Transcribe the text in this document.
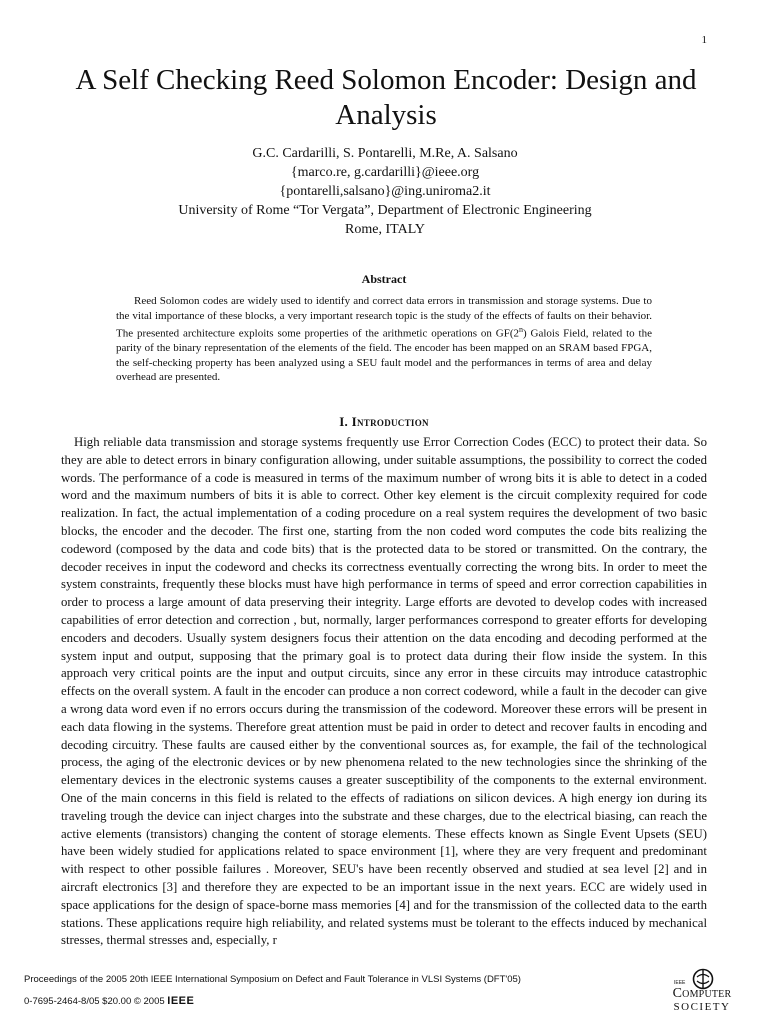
1
A Self Checking Reed Solomon Encoder: Design and Analysis
G.C. Cardarilli, S. Pontarelli, M.Re, A. Salsano
{marco.re, g.cardarilli}@ieee.org
{pontarelli,salsano}@ing.uniroma2.it
University of Rome “Tor Vergata”, Department of Electronic Engineering
Rome, ITALY
Abstract

Reed Solomon codes are widely used to identify and correct data errors in transmission and storage systems. Due to the vital importance of these blocks, a very important research topic is the study of the effects of faults on their behavior. The presented architecture exploits some properties of the arithmetic operations on GF(2$^n$) Galois Field, related to the parity of the binary representation of the elements of the field. The encoder has been mapped on an SRAM based FPGA, the self-checking property has been analyzed using a SEU fault model and the performances in terms of area and delay overhead are presented.

I. Introduction

High reliable data transmission and storage systems frequently use Error Correction Codes (ECC) to protect their data. So they are able to detect errors in binary configuration allowing, under suitable assumptions, the possibility to correct the coded words. The performance of a code is measured in terms of the maximum number of wrong bits it is able to detect in a coded word and the maximum numbers of bits it is able to correct. Other key element is the circuit complexity required for code realization. In fact, the actual implementation of a coding procedure on a real system requires the development of two basic blocks, the encoder and the decoder. The first one, starting from the non coded word computes the code bits realizing the codeword (composed by the data and code bits) that is the protected data to be stored or transmitted. On the contrary, the decoder receives in input the codeword and checks its correctness eventually correcting the wrong bits. In order to meet the system constraints, frequently these blocks must have high performance in terms of speed and error correction capabilities in order to process a large amount of data preserving their integrity. Large efforts are devoted to develop codes with increased capabilities of error detection and correction , but, normally, larger performances correspond to greater efforts for developing encoders and decoders. Usually system designers focus their attention on the data encoding and decoding performed at the system input and output, supposing that the primary goal is to protect data during their flow inside the system. In this approach very critical points are the input and output circuits, since any error in these circuits may introduce catastrophic effects on the overall system. A fault in the encoder can produce a non correct codeword, while a fault in the decoder can give a wrong data word even if no errors occurs during the transmission of the codeword. Moreover these errors will be present in each data flowing in the systems. Therefore great attention must be paid in order to detect and recover faults in encoding and decoding circuitry. These faults are caused either by the conventional sources as, for example, the fail of the technological process, the aging of the electronic devices or by new phenomena related to the new technologies since the shrinking of the elementary devices in the electronic systems causes a greater susceptibility of the components to the external environment. One of the main concerns in this field is related to the effects of radiations on silicon devices. A high energy ion during its traveling trough the device can inject charges into the substrate and these charges, due to the electrical biasing, can reach the active elements (transistors) changing the content of storage elements. These effects known as Single Event Upsets (SEU) have been widely studied for applications related to space environment [1], where they are very frequent and predominant with respect to other possible failures . Moreover, SEU's have been recently observed and studied at sea level [2] and in aircraft electronics [3] and therefore they are expected to be an important issue in the next years. ECC are widely used in space applications for the design of space-borne mass memories [4] and for the transmission of the collected data to the earth stations. These applications require high reliability, and related systems must be tolerant to the effects induced by mechanical stresses, thermal stresses and, especially, r

Proceedings of the 2005 20th IEEE International Symposium on Defect and Fault Tolerance in VLSI Systems (DFT'05)
0-7695-2464-8/05 $20.00 © 2005 IEEE
IEEE
Computer
SOCIETY
